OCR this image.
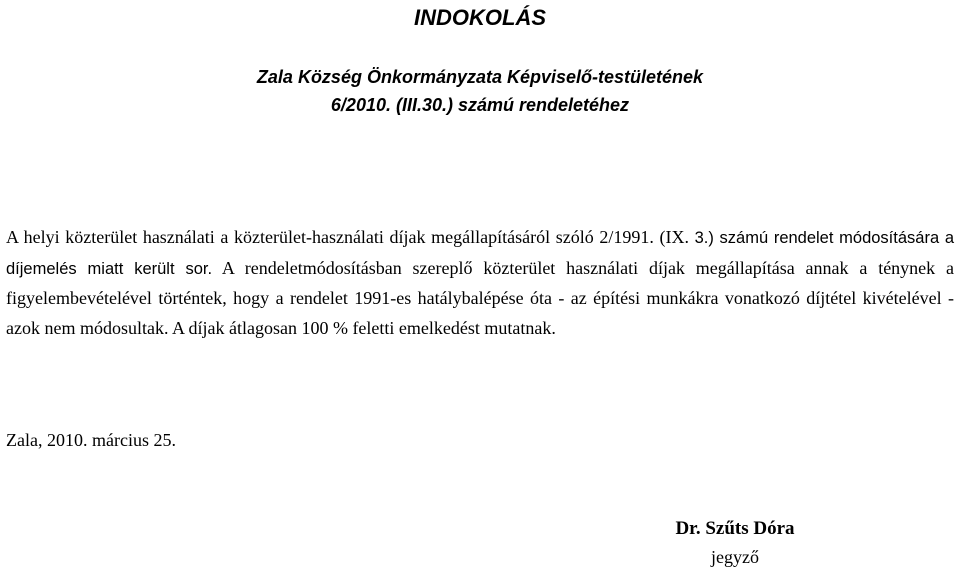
INDOKOLÁS
Zala Község Önkormányzata Képviselő-testületének
6/2010. (III.30.) számú rendeletéhez
A helyi közterület használati a közterület-használati díjak megállapításáról szóló 2/1991. (IX. 3.) számú rendelet módosítására a díjemelés miatt került sor. A rendeletmódosításban szereplő közterület használati díjak megállapítása annak a ténynek a figyelembevételével történtek, hogy a rendelet 1991-es hatálybalépése óta - az építési munkákra vonatkozó díjtétel kivételével - azok nem módosultak. A díjak átlagosan 100 % feletti emelkedést mutatnak.
Zala, 2010. március 25.
Dr. Szűts Dóra
jegyző
